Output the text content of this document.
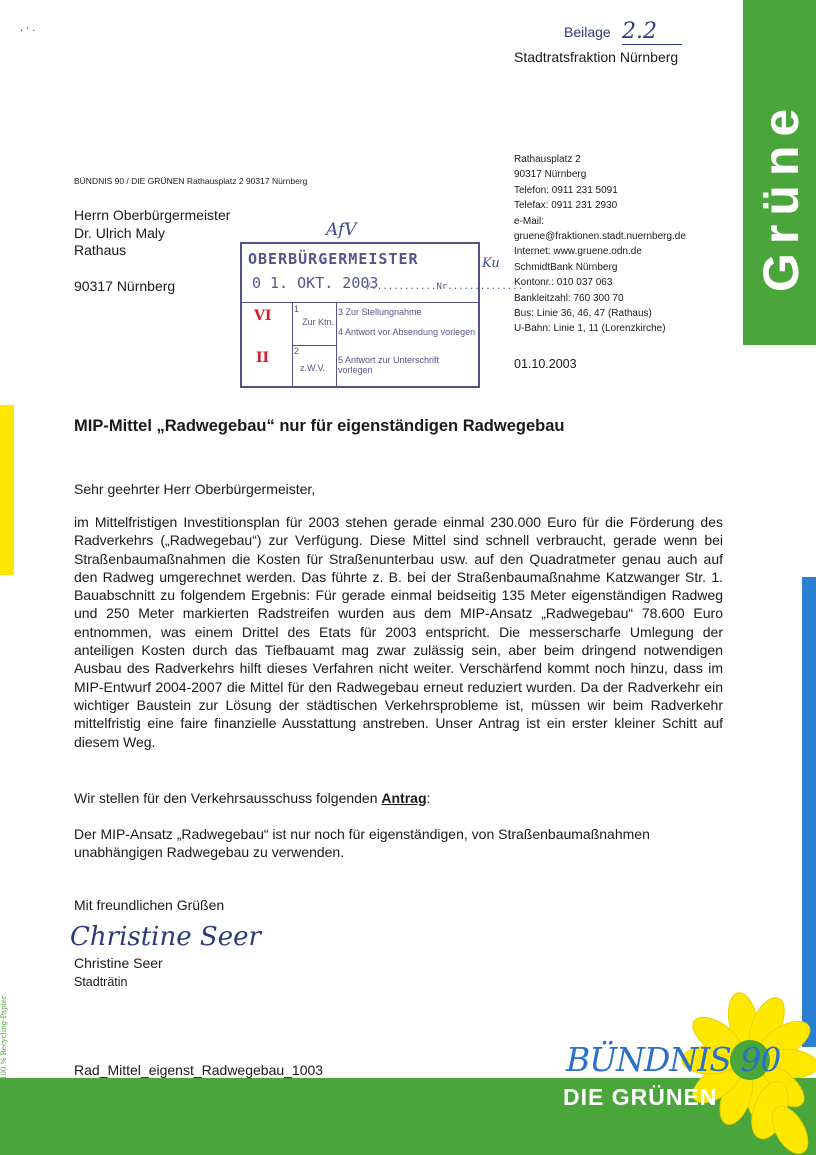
Grüne
. ∙ .	Beilage 2.2
Stadtratsfraktion Nürnberg
BÜNDNIS 90 / DIE GRÜNEN Rathausplatz 2 90317 Nürnberg
Herrn Oberbürgermeister
Dr. Ulrich Maly
Rathaus
90317 Nürnberg
Rathausplatz 2
90317 Nürnberg
Telefon: 0911 231 5091
Telefax: 0911 231 2930
e-Mail:
gruene@fraktionen.stadt.nuernberg.de
Internet: www.gruene.odn.de
SchmidtBank Nürnberg
Kontonr.: 010 037 063
Bankleitzahl: 760 300 70
Bus: Linie 36, 46, 47 (Rathaus)
U-Bahn: Linie 1, 11 (Lorenzkirche)
01.10.2003
AfV
Ku
OBERBÜRGERMEISTER
0 1. OKT. 2003
/............Nr..............
VI
II
1
Zur Ktn.
2
z.W.V.
3 Zur Stellungnahme
4 Antwort vor Absendung vorlegen
5 Antwort zur Unterschrift vorlegen
MIP-Mittel „Radwegebau“ nur für eigenständigen Radwegebau
Sehr geehrter Herr Oberbürgermeister,
im Mittelfristigen Investitionsplan für 2003 stehen gerade einmal 230.000 Euro für die Förderung des Radverkehrs („Radwegebau“) zur Verfügung. Diese Mittel sind schnell verbraucht, gerade wenn bei Straßenbaumaßnahmen die Kosten für Straßenunterbau usw. auf den Quadratmeter genau auch auf den Radweg umgerechnet werden. Das führte z. B. bei der Straßenbaumaßnahme Katzwanger Str. 1. Bauabschnitt zu folgendem Ergebnis: Für gerade einmal beidseitig 135 Meter eigenständigen Radweg und 250 Meter markierten Radstreifen wurden aus dem MIP-Ansatz „Radwegebau“ 78.600 Euro entnommen, was einem Drittel des Etats für 2003 entspricht. Die messerscharfe Umlegung der anteiligen Kosten durch das Tiefbauamt mag zwar zulässig sein, aber beim dringend notwendigen Ausbau des Radverkehrs hilft dieses Verfahren nicht weiter. Verschärfend kommt noch hinzu, dass im MIP-Entwurf 2004-2007 die Mittel für den Radwegebau erneut reduziert wurden. Da der Radverkehr ein wichtiger Baustein zur Lösung der städtischen Verkehrsprobleme ist, müssen wir beim Radverkehr mittelfristig eine faire finanzielle Ausstattung anstreben. Unser Antrag ist ein erster kleiner Schitt auf diesem Weg.
Wir stellen für den Verkehrsausschuss folgenden Antrag:
Der MIP-Ansatz „Radwegebau“ ist nur noch für eigenständigen, von Straßenbaumaßnahmen unabhängigen Radwegebau zu verwenden.
Mit freundlichen Grüßen
Christine Seer
Christine Seer
Stadträtin
Rad_Mittel_eigenst_Radwegebau_1003
100 % Recycling-Papier	BÜNDNIS 90
DIE GRÜNEN
